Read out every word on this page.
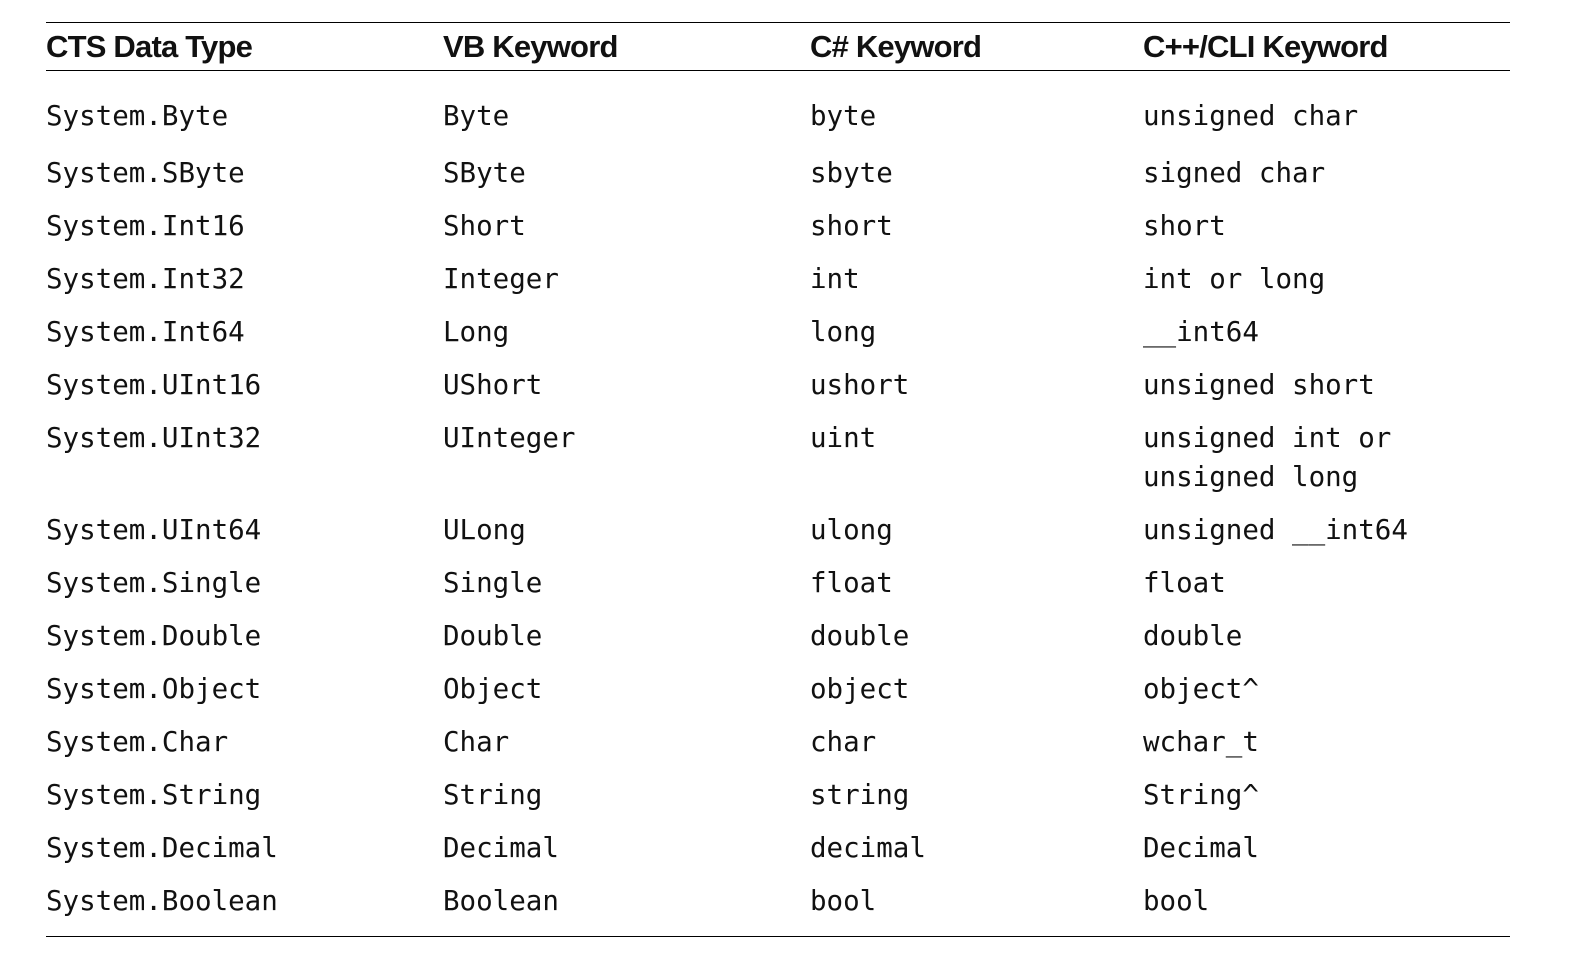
CTS Data Type	VB Keyword	C# Keyword	C++/CLI Keyword
System.Byte	Byte	byte	unsigned char
System.SByte	SByte	sbyte	signed char
System.Int16	Short	short	short
System.Int32	Integer	int	int or long
System.Int64	Long	long	__int64
System.UInt16	UShort	ushort	unsigned short
System.UInt32	UInteger	uint	unsigned int or
unsigned long
System.UInt64	ULong	ulong	unsigned __int64
System.Single	Single	float	float
System.Double	Double	double	double
System.Object	Object	object	object^
System.Char	Char	char	wchar_t
System.String	String	string	String^
System.Decimal	Decimal	decimal	Decimal
System.Boolean	Boolean	bool	bool
